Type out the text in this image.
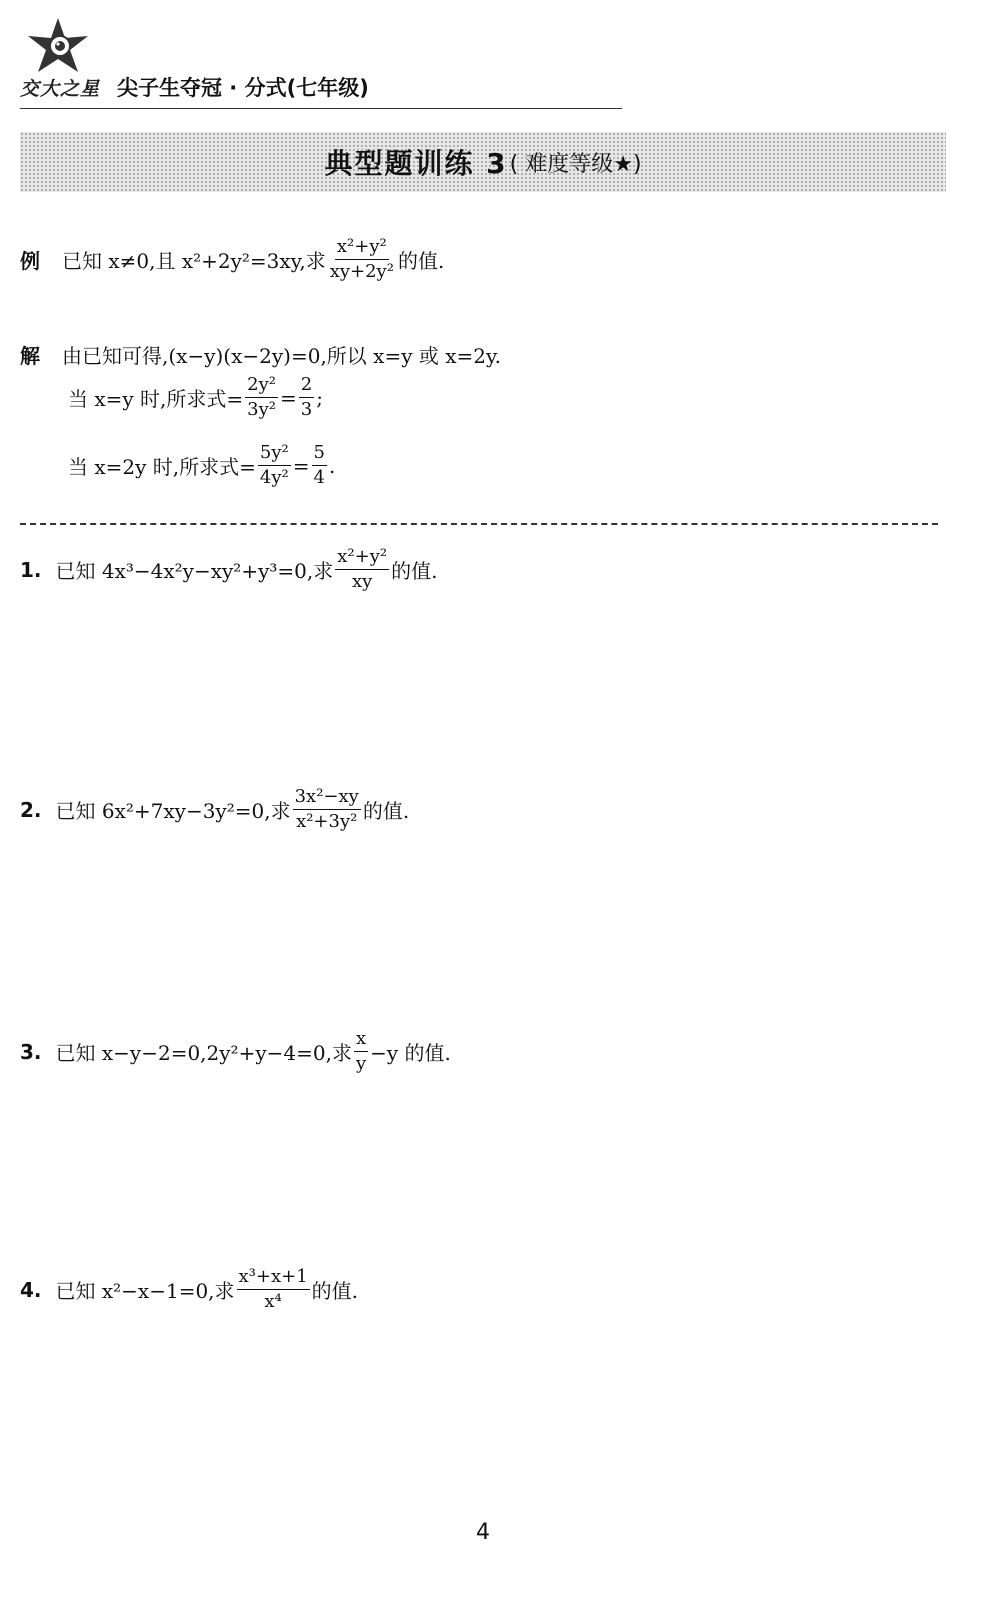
交大之星 尖子生夺冠 · 分式(七年级)
典型题训练 3 ( 难度等级★)
例 已知 x≠0,且 x²+2y²=3xy,求 $\frac{\text{x²+y²}}{\text{xy+2y²}}$ 的值.
解 由已知可得,(x−y)(x−2y)=0,所以 x=y 或 x=2y.
当 x=y 时,所求式= $\frac{\text{2y²}}{\text{3y²}} = \frac{2}{3}$ ;
当 x=2y 时,所求式= $\frac{\text{5y²}}{\text{4y²}} = \frac{5}{4}$ .
1. 已知 4x³−4x²y−xy²+y³=0,求 $\frac{\text{x²+y²}}{xy}$ 的值.
2. 已知 6x²+7xy−3y²=0,求 $\frac{\text{3x²−xy}}{\text{x²+3y²}}$ 的值.
3. 已知 x−y−2=0,2y²+y−4=0,求 $\frac{x}{y} -y$ 的值.
4. 已知 x²−x−1=0,求 $\frac{\text{x³+x+1}}{\text{x⁴}}$ 的值.
4
